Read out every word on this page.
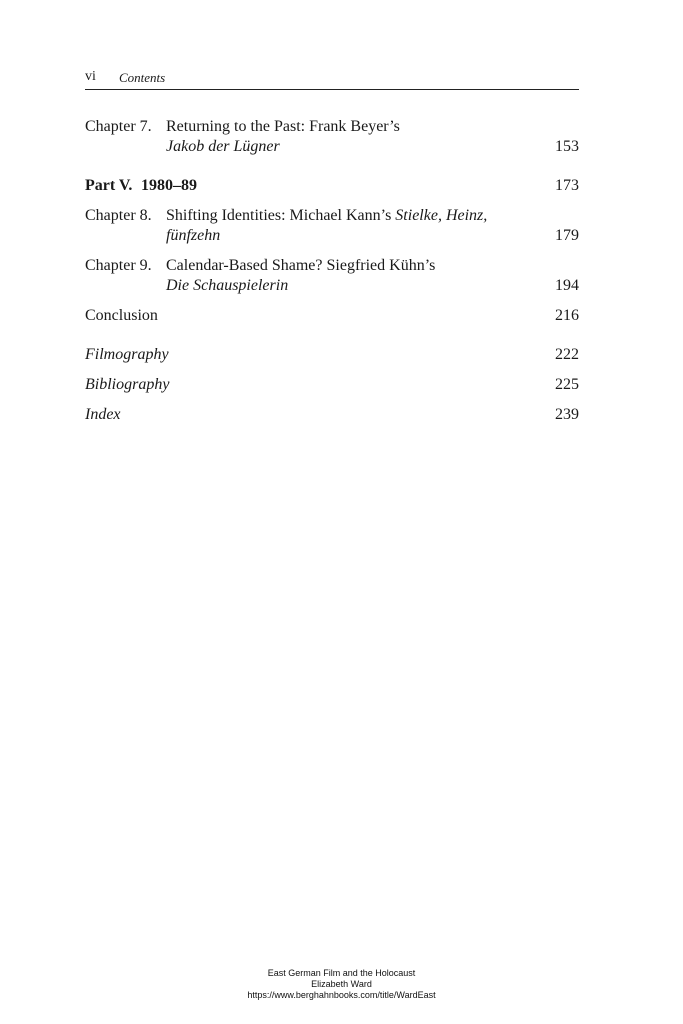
vi Contents
Chapter 7. Returning to the Past: Frank Beyer’s
Jakob der Lügner	153
Part V. 1980–89	173
Chapter 8. Shifting Identities: Michael Kann’s Stielke, Heinz,
fünfzehn	179
Chapter 9. Calendar-Based Shame? Siegfried Kühn’s
Die Schauspielerin	194
Conclusion	216
Filmography	222
Bibliography	225
Index	239
East German Film and the Holocaust
Elizabeth Ward
https://www.berghahnbooks.com/title/WardEast
